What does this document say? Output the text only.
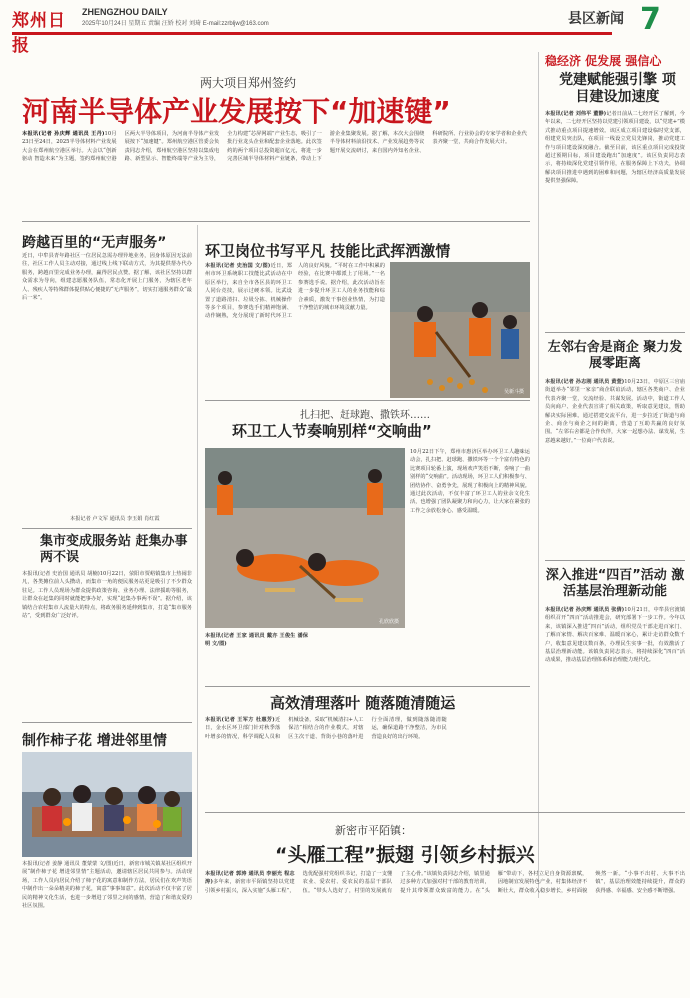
郑州日报
ZHENGZHOU DAILY
2025年10月24日 星期五 责编 汪娇 校对 刘琦 E-mail:zzrbljw@163.com	县区新闻 7
两大项目郑州签约
河南半导体产业发展按下“加速键”
本报讯(记者 孙庆辉 通讯员 王丹)10月23日至24日，2025半导体材料产业发展大会在郑州航空港区举行。大会以“创新驱动 智造未来”为主题，签约郑州航空港区两大半导体项目，为河南半导体产业发展按下“加速键”。郑州航空港区管委会负责同志介绍，郑州航空港区坚持以集成电路、新型显示、智能终端等产业为主导，全力构建“芯屏网端”产业生态，吸引了一批行业龙头企业和配套企业落地。此次签约的两个项目总投资超百亿元，将进一步完善区域半导体材料产业链条，带动上下游企业集聚发展。据了解，本次大会围绕半导体材料前沿技术、产业发展趋势等议题开展交流研讨，来自国内外知名企业、科研院所、行业协会的专家学者和企业代表齐聚一堂，共商合作发展大计。
稳经济 促发展 强信心
党建赋能强引擎 项目建设加速度
本报讯(记者 刘伟平 董静)记者日前从二七经开区了解到，今年以来，二七经开区坚持以党建引领项目建设，以“党建+”模式推动重点项目提速增效。该区成立项目建设临时党支部，组建党员突击队，在项目一线设立党员先锋岗，推动党建工作与项目建设深度融合。截至目前，该区重点项目完成投资超过预期目标，项目建设跑出“加速度”。该区负责同志表示，将持续深化党建引领作用，在服务保障上下功夫，协调解决项目推进中遇到的困难和问题，为辖区经济高质量发展提供坚强保障。
跨越百里的“无声服务”
近日，中牟县青年路社区一位居民急需办理异地业务，因身体原因无法前往，社区工作人员主动对接，通过线上线下联动方式，为其提供帮办代办服务，跨越百里完成业务办理，赢得居民点赞。据了解，该社区坚持以群众需求为导向，组建志愿服务队伍，常态化开展上门服务，为辖区老年人、残疾人等特殊群体提供贴心便捷的“无声服务”，切实打通服务群众“最后一米”。
本报记者 卢文军 通讯员 李玉娟 肖红霞
集市变成服务站 赶集办事两不误
本报讯(记者 史治国 通讯员 胡楠)10月22日，荥阳市贾峪镇集市上热闹非凡，各类摊位前人头攒动，而集市一角的便民服务站更是吸引了不少群众驻足。工作人员现场为群众提供政策咨询、业务办理、法律援助等服务，让群众在赶集的同时就能把事办好，实现“赶集办事两不误”。据介绍，该镇结合农村集市人流量大的特点，将政务服务延伸到集市，打造“集市服务站”，受到群众广泛好评。
制作柿子花 增进邻里情
本报讯(记者 姜静 通讯员 董蒙蒙 文/图)近日，新密市城关镇某社区组织开展“制作柿子花 增进邻里情”主题活动，邀请辖区居民共同参与。活动现场，工作人员向居民介绍了柿子花的寓意和制作方法，居民们在欢声笑语中制作出一朵朵精美的柿子花，寓意“事事如意”。此次活动不仅丰富了居民的精神文化生活，也进一步增进了邻里之间的感情，营造了和谐友爱的社区氛围。
环卫岗位书写平凡 技能比武挥洒激情
本报讯(记者 史治国 文/图)近日，郑州市环卫系统职工技能比武活动在中原区举行，来自全市各区县的环卫工人同台竞技，展示过硬本领。比武设置了道路清扫、垃圾分拣、机械操作等多个项目，参赛选手们精神饱满、动作娴熟，充分展现了新时代环卫工人的良好风貌。“平时在工作中积累的经验，在比赛中都派上了用场。”一名参赛选手说。据介绍，此次活动旨在进一步提升环卫工人的业务技能和综合素质，激发干事创业热情，为打造干净整洁的城市环境贡献力量。
吴新斗摄
扎扫把、赶球跑、撒铁环……
环卫工人节奏响别样“交响曲”
孔欣欣摄
10月22日下午，郑州市惠济区举办环卫工人趣味运动会，扎扫把、赶球跑、撒铁环等一个个富有特色的比赛项目轮番上演，现场欢声笑语不断，奏响了一曲别样的“交响曲”。活动现场，环卫工人们积极参与、团结协作、奋勇争先，展现了积极向上的精神风貌。通过此次活动，不仅丰富了环卫工人的业余文化生活，也增强了团队凝聚力和向心力，让大家在紧张的工作之余放松身心、感受温暖。
本报讯(记者 王家 通讯员 戴亦 王俊生 潘保明 文/图)
高效清理落叶 随落随清随运
本报讯(记者 王军方 杜惠芳)近日，金水区环卫部门针对秋季落叶增多的情况，科学调配人员和机械设备，采取“机械清扫+人工保洁”相结合的作业模式，对辖区主次干道、背街小巷的落叶进行全面清理，做到随落随清随运，确保道路干净整洁，为市民营造良好的出行环境。
左邻右舍是商企 聚力发展零距离
本报讯(记者 孙志刚 通讯员 黄萱)10月23日，中原区三官庙街道举办“邻里一家亲”商企联谊活动，辖区各类商户、企业代表齐聚一堂，交流经验、共谋发展。活动中，街道工作人员向商户、企业代表宣讲了相关政策，听取意见建议，帮助解决实际困难。通过搭建交流平台，进一步拉近了街道与商企、商企与商企之间的距离，营造了互助共赢的良好氛围。“左邻右舍都是合作伙伴，大家一起想办法、谋发展，生意越来越好。”一位商户代表说。
深入推进“四百”活动 激活基层治理新动能
本报讯(记者 孙庆辉 通讯员 张倩)10月21日，中牟县官渡镇组织召开“四百”活动推进会，研究部署下一步工作。今年以来，该镇深入推进“四百”活动，组织党员干部走进百家门、了解百家情、解决百家难、温暖百家心，累计走访群众数千户，收集意见建议数百条，办理民生实事一批，有效激活了基层治理新动能。该镇负责同志表示，将持续深化“四百”活动成果，推动基层治理体系和治理能力现代化。
新密市平陌镇：
“头雁工程”振翅 引领乡村振兴
本报讯(记者 郭涛 通讯员 李丽光 程志涛)多年来，新密市平陌镇坚持以党建引领乡村振兴，深入实施“头雁工程”，选优配强村党组织书记，打造了一支懂农业、爱农村、爱农民的基层干部队伍。“带头人选好了，村里的发展就有了主心骨。”该镇负责同志介绍，镇里通过多种方式加强对村干部的教育培训，提升其带领群众致富的能力。在“头雁”带动下，各村立足自身资源禀赋，因地制宜发展特色产业，村集体经济不断壮大，群众收入稳步增长，乡村面貌焕然一新。“小事不出村、大事不出镇”，基层治理效能持续提升，群众的获得感、幸福感、安全感不断增强。
